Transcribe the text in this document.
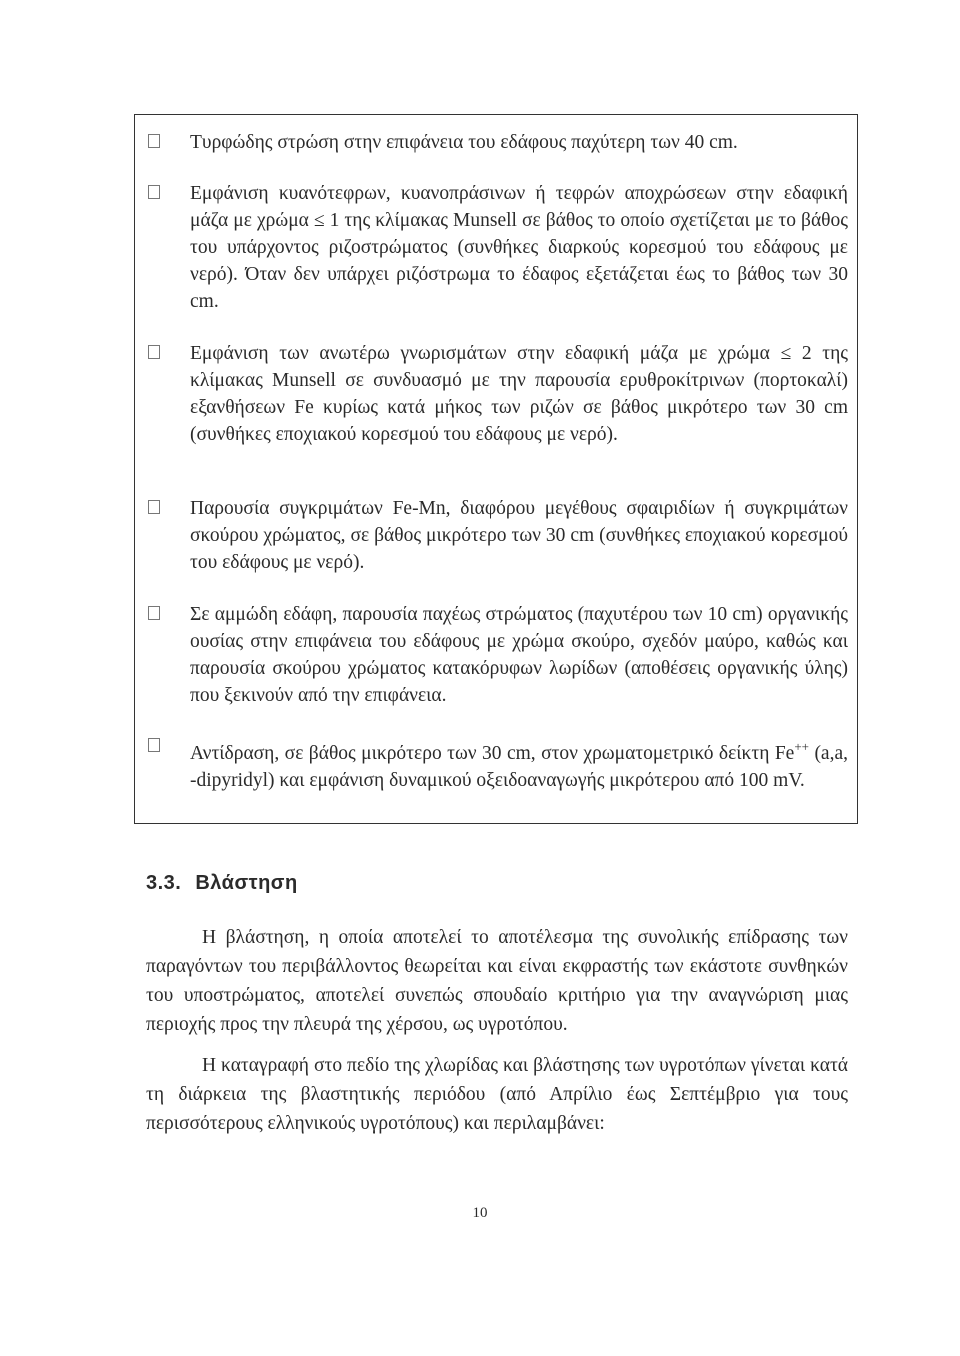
Τυρφώδης στρώση στην επιφάνεια του εδάφους παχύτερη των 40 cm.
Εμφάνιση κυανότεφρων, κυανοπράσινων ή τεφρών αποχρώσεων στην εδαφική μάζα με χρώμα ≤ 1 της κλίμακας Munsell σε βάθος το οποίο σχετίζεται με το βάθος του υπάρχοντος ριζοστρώματος (συνθήκες διαρκούς κορεσμού του εδάφους με νερό). Όταν δεν υπάρχει ριζόστρωμα το έδαφος εξετάζεται έως το βάθος των 30 cm.
Εμφάνιση των ανωτέρω γνωρισμάτων στην εδαφική μάζα με χρώμα ≤ 2 της κλίμακας Munsell σε συνδυασμό με την παρουσία ερυθροκίτρινων (πορτοκαλί) εξανθήσεων Fe κυρίως κατά μήκος των ριζών σε βάθος μικρότερο των 30 cm (συνθήκες εποχιακού κορεσμού του εδάφους με νερό).
Παρουσία συγκριμάτων Fe-Mn, διαφόρου μεγέθους σφαιριδίων ή συγκριμάτων σκούρου χρώματος, σε βάθος μικρότερο των 30 cm (συνθήκες εποχιακού κορεσμού του εδάφους με νερό).
Σε αμμώδη εδάφη, παρουσία παχέως στρώματος (παχυτέρου των 10 cm) οργανικής ουσίας στην επιφάνεια του εδάφους με χρώμα σκούρο, σχεδόν μαύρο, καθώς και παρουσία σκούρου χρώματος κατακόρυφων λωρίδων (αποθέσεις οργανικής ύλης) που ξεκινούν από την επιφάνεια.
Αντίδραση, σε βάθος μικρότερο των 30 cm, στον χρωματομετρικό δείκτη Fe++ (a,a, -dipyridyl) και εμφάνιση δυναμικού οξειδοαναγωγής μικρότερου από 100 mV.
3.3. Βλάστηση
Η βλάστηση, η οποία αποτελεί το αποτέλεσμα της συνολικής επίδρασης των παραγόντων του περιβάλλοντος θεωρείται και είναι εκφραστής των εκάστοτε συνθηκών του υποστρώματος, αποτελεί συνεπώς σπουδαίο κριτήριο για την αναγνώριση μιας περιοχής προς την πλευρά της χέρσου, ως υγροτόπου.
Η καταγραφή στο πεδίο της χλωρίδας και βλάστησης των υγροτόπων γίνεται κατά τη διάρκεια της βλαστητικής περιόδου (από Απρίλιο έως Σεπτέμβριο για τους περισσότερους ελληνικούς υγροτόπους) και περιλαμβάνει:
10
